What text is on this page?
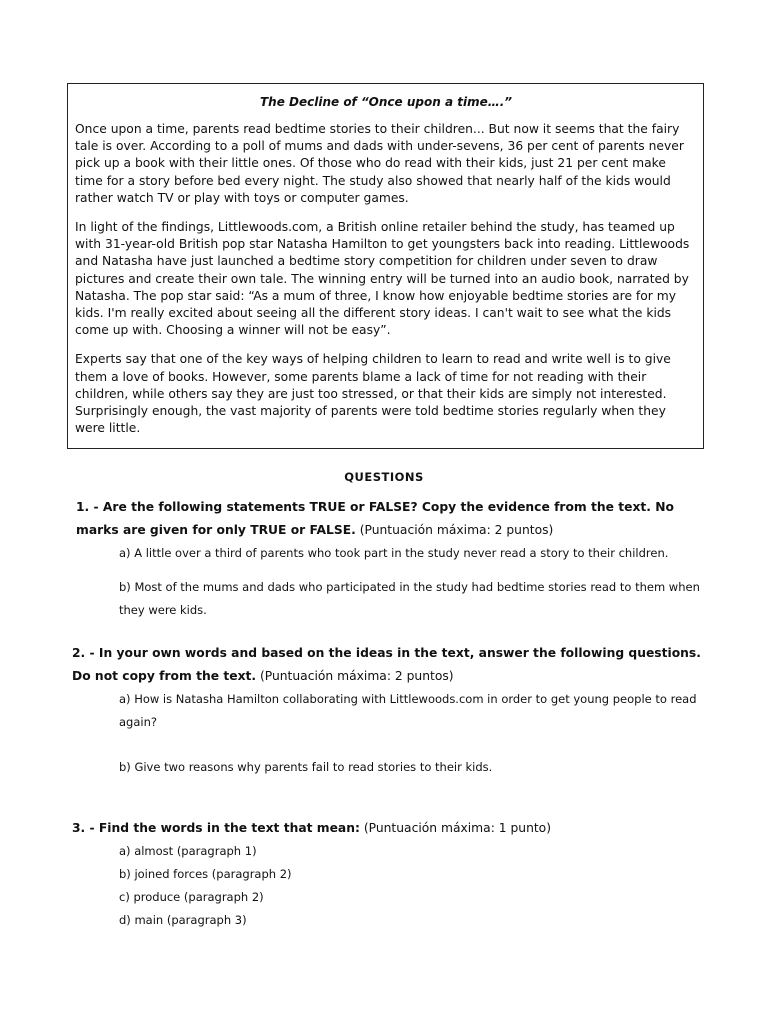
The Decline of “Once upon a time….”

Once upon a time, parents read bedtime stories to their children... But now it seems that the fairy tale is over. According to a poll of mums and dads with under-sevens, 36 per cent of parents never pick up a book with their little ones. Of those who do read with their kids, just 21 per cent make time for a story before bed every night. The study also showed that nearly half of the kids would rather watch TV or play with toys or computer games.

In light of the findings, Littlewoods.com, a British online retailer behind the study, has teamed up with 31-year-old British pop star Natasha Hamilton to get youngsters back into reading. Littlewoods and Natasha have just launched a bedtime story competition for children under seven to draw pictures and create their own tale. The winning entry will be turned into an audio book, narrated by Natasha. The pop star said: “As a mum of three, I know how enjoyable bedtime stories are for my kids. I'm really excited about seeing all the different story ideas. I can't wait to see what the kids come up with. Choosing a winner will not be easy”.

Experts say that one of the key ways of helping children to learn to read and write well is to give them a love of books. However, some parents blame a lack of time for not reading with their children, while others say they are just too stressed, or that their kids are simply not interested. Surprisingly enough, the vast majority of parents were told bedtime stories regularly when they were little.

QUESTIONS
1. - Are the following statements TRUE or FALSE? Copy the evidence from the text. No marks are given for only TRUE or FALSE. (Puntuación máxima: 2 puntos)
a) A little over a third of parents who took part in the study never read a story to their children.
b) Most of the mums and dads who participated in the study had bedtime stories read to them when they were kids.
2. - In your own words and based on the ideas in the text, answer the following questions. Do not copy from the text. (Puntuación máxima: 2 puntos)
a) How is Natasha Hamilton collaborating with Littlewoods.com in order to get young people to read again?
b) Give two reasons why parents fail to read stories to their kids.
3. - Find the words in the text that mean: (Puntuación máxima: 1 punto)
a) almost (paragraph 1)
b) joined forces (paragraph 2)
c) produce (paragraph 2)
d) main (paragraph 3)
